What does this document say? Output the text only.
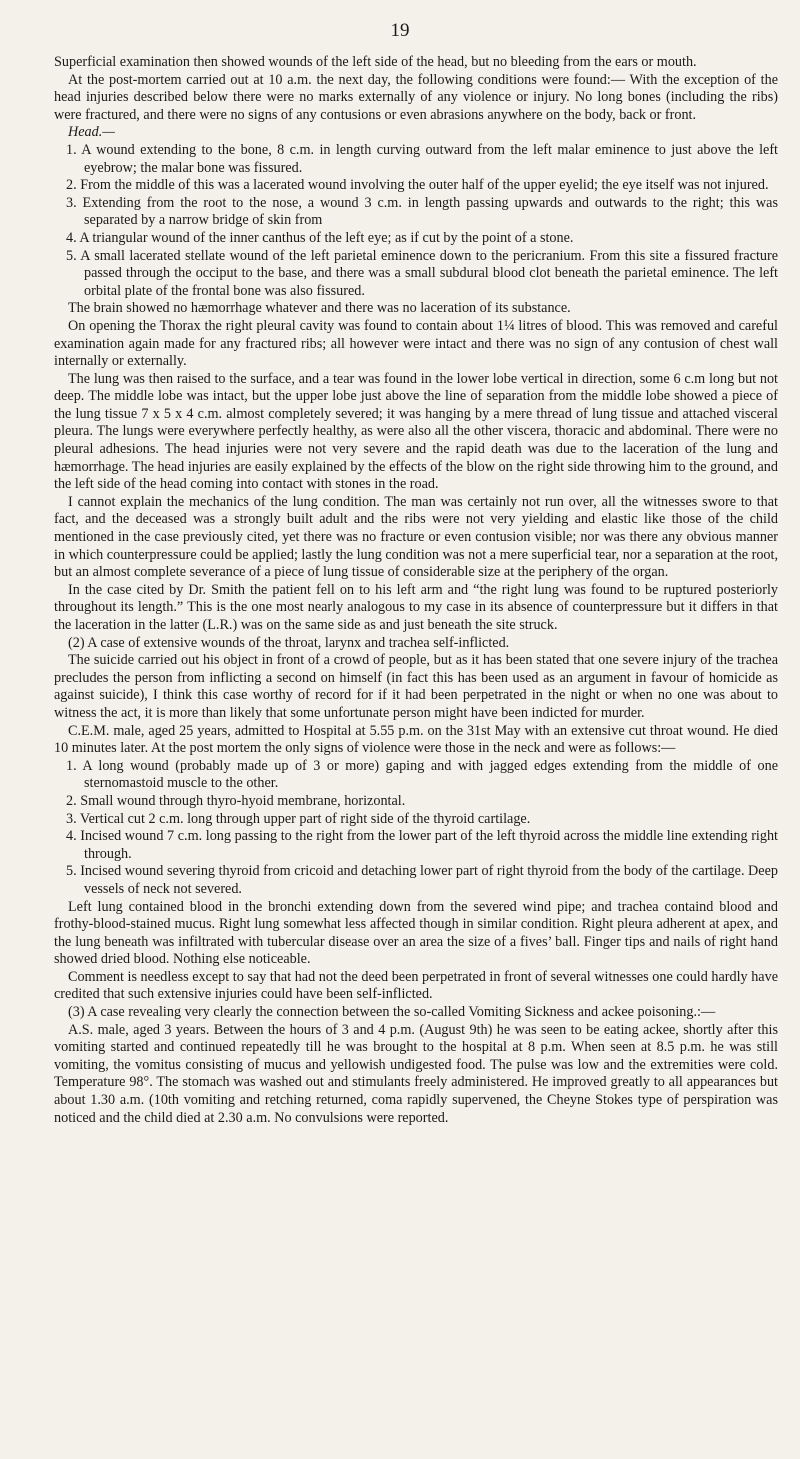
19

Superficial examination then showed wounds of the left side of the head, but no bleeding from the ears or mouth.

At the post-mortem carried out at 10 a.m. the next day, the following conditions were found:— With the exception of the head injuries described below there were no marks externally of any violence or injury. No long bones (including the ribs) were fractured, and there were no signs of any contusions or even abrasions anywhere on the body, back or front.

Head.—

1. A wound extending to the bone, 8 c.m. in length curving outward from the left malar eminence to just above the left eyebrow; the malar bone was fissured.

2. From the middle of this was a lacerated wound involving the outer half of the upper eyelid; the eye itself was not injured.

3. Extending from the root to the nose, a wound 3 c.m. in length passing upwards and outwards to the right; this was separated by a narrow bridge of skin from

4. A triangular wound of the inner canthus of the left eye; as if cut by the point of a stone.

5. A small lacerated stellate wound of the left parietal eminence down to the pericranium. From this site a fissured fracture passed through the occiput to the base, and there was a small subdural blood clot beneath the parietal eminence. The left orbital plate of the frontal bone was also fissured.

The brain showed no hæmorrhage whatever and there was no laceration of its substance.

On opening the Thorax the right pleural cavity was found to contain about 1¼ litres of blood. This was removed and careful examination again made for any fractured ribs; all however were intact and there was no sign of any contusion of chest wall internally or externally.

The lung was then raised to the surface, and a tear was found in the lower lobe vertical in direction, some 6 c.m long but not deep. The middle lobe was intact, but the upper lobe just above the line of separation from the middle lobe showed a piece of the lung tissue 7 x 5 x 4 c.m. almost completely severed; it was hanging by a mere thread of lung tissue and attached visceral pleura. The lungs were everywhere perfectly healthy, as were also all the other viscera, thoracic and abdominal. There were no pleural adhesions. The head injuries were not very severe and the rapid death was due to the laceration of the lung and hæmorrhage. The head injuries are easily explained by the effects of the blow on the right side throwing him to the ground, and the left side of the head coming into contact with stones in the road.

I cannot explain the mechanics of the lung condition. The man was certainly not run over, all the witnesses swore to that fact, and the deceased was a strongly built adult and the ribs were not very yielding and elastic like those of the child mentioned in the case previously cited, yet there was no fracture or even contusion visible; nor was there any obvious manner in which counterpressure could be applied; lastly the lung condition was not a mere superficial tear, nor a separation at the root, but an almost complete severance of a piece of lung tissue of considerable size at the periphery of the organ.

In the case cited by Dr. Smith the patient fell on to his left arm and “the right lung was found to be ruptured posteriorly throughout its length.” This is the one most nearly analogous to my case in its absence of counterpressure but it differs in that the laceration in the latter (L.R.) was on the same side as and just beneath the site struck.

(2) A case of extensive wounds of the throat, larynx and trachea self-inflicted.

The suicide carried out his object in front of a crowd of people, but as it has been stated that one severe injury of the trachea precludes the person from inflicting a second on himself (in fact this has been used as an argument in favour of homicide as against suicide), I think this case worthy of record for if it had been perpetrated in the night or when no one was about to witness the act, it is more than likely that some unfortunate person might have been indicted for murder.

C.E.M. male, aged 25 years, admitted to Hospital at 5.55 p.m. on the 31st May with an extensive cut throat wound. He died 10 minutes later. At the post mortem the only signs of violence were those in the neck and were as follows:—

1. A long wound (probably made up of 3 or more) gaping and with jagged edges extending from the middle of one sternomastoid muscle to the other.

2. Small wound through thyro-hyoid membrane, horizontal.

3. Vertical cut 2 c.m. long through upper part of right side of the thyroid cartilage.

4. Incised wound 7 c.m. long passing to the right from the lower part of the left thyroid across the middle line extending right through.

5. Incised wound severing thyroid from cricoid and detaching lower part of right thyroid from the body of the cartilage. Deep vessels of neck not severed.

Left lung contained blood in the bronchi extending down from the severed wind pipe; and trachea containd blood and frothy-blood-stained mucus. Right lung somewhat less affected though in similar condition. Right pleura adherent at apex, and the lung beneath was infiltrated with tubercular disease over an area the size of a fives’ ball. Finger tips and nails of right hand showed dried blood. Nothing else noticeable.

Comment is needless except to say that had not the deed been perpetrated in front of several witnesses one could hardly have credited that such extensive injuries could have been self-inflicted.

(3) A case revealing very clearly the connection between the so-called Vomiting Sickness and ackee poisoning.:—

A.S. male, aged 3 years. Between the hours of 3 and 4 p.m. (August 9th) he was seen to be eating ackee, shortly after this vomiting started and continued repeatedly till he was brought to the hospital at 8 p.m. When seen at 8.5 p.m. he was still vomiting, the vomitus consisting of mucus and yellowish undigested food. The pulse was low and the extremities were cold. Temperature 98°. The stomach was washed out and stimulants freely administered. He improved greatly to all appearances but about 1.30 a.m. (10th vomiting and retching returned, coma rapidly supervened, the Cheyne Stokes type of perspiration was noticed and the child died at 2.30 a.m. No convulsions were reported.
